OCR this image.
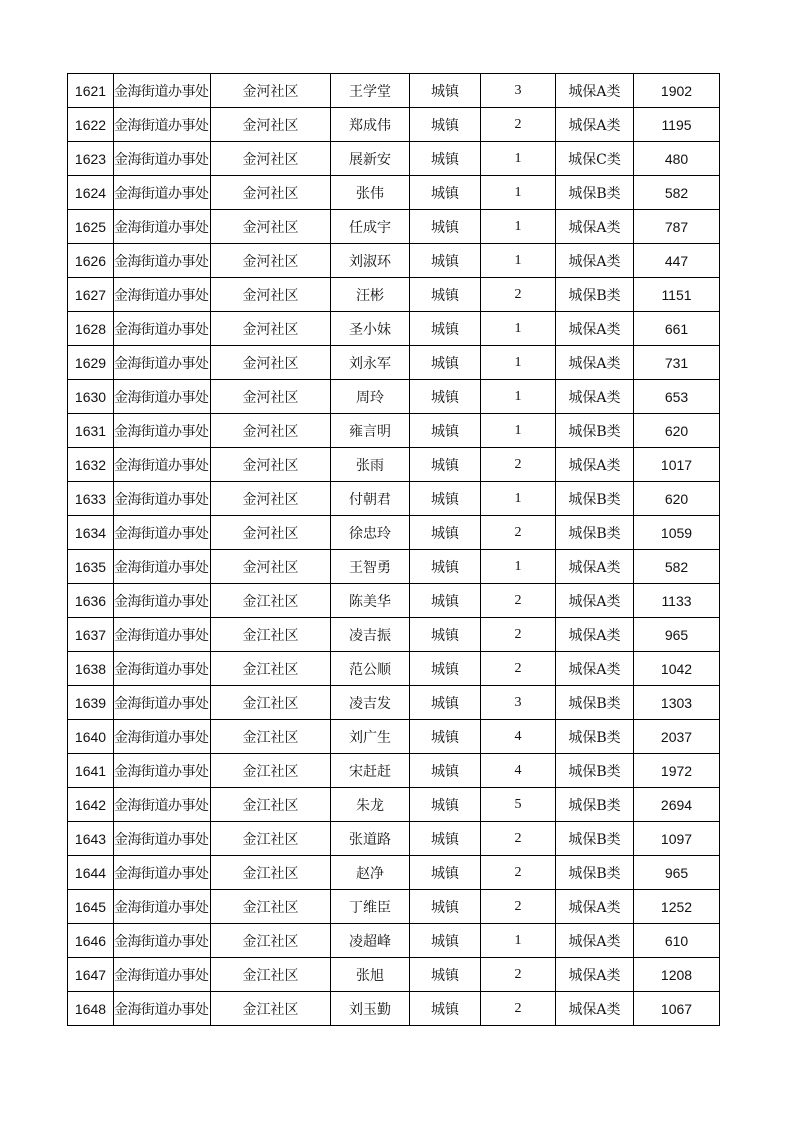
1621	金海街道办事处	金河社区	王学堂	城镇	3	城保A类	1902
1622	金海街道办事处	金河社区	郑成伟	城镇	2	城保A类	1195
1623	金海街道办事处	金河社区	展新安	城镇	1	城保C类	480
1624	金海街道办事处	金河社区	张伟	城镇	1	城保B类	582
1625	金海街道办事处	金河社区	任成宇	城镇	1	城保A类	787
1626	金海街道办事处	金河社区	刘淑环	城镇	1	城保A类	447
1627	金海街道办事处	金河社区	汪彬	城镇	2	城保B类	1151
1628	金海街道办事处	金河社区	圣小妹	城镇	1	城保A类	661
1629	金海街道办事处	金河社区	刘永军	城镇	1	城保A类	731
1630	金海街道办事处	金河社区	周玲	城镇	1	城保A类	653
1631	金海街道办事处	金河社区	雍言明	城镇	1	城保B类	620
1632	金海街道办事处	金河社区	张雨	城镇	2	城保A类	1017
1633	金海街道办事处	金河社区	付朝君	城镇	1	城保B类	620
1634	金海街道办事处	金河社区	徐忠玲	城镇	2	城保B类	1059
1635	金海街道办事处	金河社区	王智勇	城镇	1	城保A类	582
1636	金海街道办事处	金江社区	陈美华	城镇	2	城保A类	1133
1637	金海街道办事处	金江社区	凌吉振	城镇	2	城保A类	965
1638	金海街道办事处	金江社区	范公顺	城镇	2	城保A类	1042
1639	金海街道办事处	金江社区	凌吉发	城镇	3	城保B类	1303
1640	金海街道办事处	金江社区	刘广生	城镇	4	城保B类	2037
1641	金海街道办事处	金江社区	宋赶赶	城镇	4	城保B类	1972
1642	金海街道办事处	金江社区	朱龙	城镇	5	城保B类	2694
1643	金海街道办事处	金江社区	张道路	城镇	2	城保B类	1097
1644	金海街道办事处	金江社区	赵净	城镇	2	城保B类	965
1645	金海街道办事处	金江社区	丁维臣	城镇	2	城保A类	1252
1646	金海街道办事处	金江社区	凌超峰	城镇	1	城保A类	610
1647	金海街道办事处	金江社区	张旭	城镇	2	城保A类	1208
1648	金海街道办事处	金江社区	刘玉勤	城镇	2	城保A类	1067
